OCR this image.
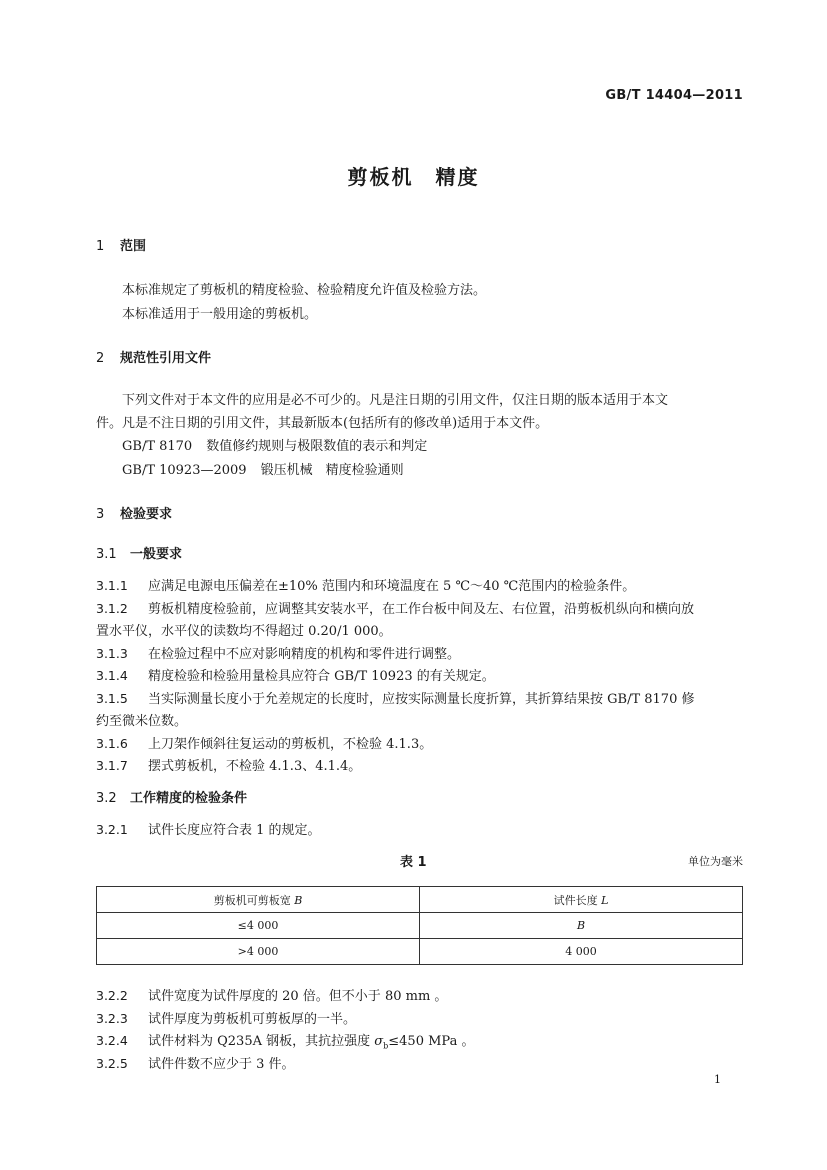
GB/T 14404—2011
剪板机　精度
1 范围
本标准规定了剪板机的精度检验、检验精度允许值及检验方法。
本标准适用于一般用途的剪板机。
2 规范性引用文件
下列文件对于本文件的应用是必不可少的。凡是注日期的引用文件，仅注日期的版本适用于本文
件。凡是不注日期的引用文件，其最新版本(包括所有的修改单)适用于本文件。
GB/T 8170 数值修约规则与极限数值的表示和判定
GB/T 10923—2009 锻压机械　精度检验通则
3 检验要求
3.1 一般要求
3.1.1 应满足电源电压偏差在±10% 范围内和环境温度在 5 ℃～40 ℃范围内的检验条件。
3.1.2 剪板机精度检验前，应调整其安装水平，在工作台板中间及左、右位置，沿剪板机纵向和横向放
置水平仪，水平仪的读数均不得超过 0.20/1 000。
3.1.3 在检验过程中不应对影响精度的机构和零件进行调整。
3.1.4 精度检验和检验用量检具应符合 GB/T 10923 的有关规定。
3.1.5 当实际测量长度小于允差规定的长度时，应按实际测量长度折算，其折算结果按 GB/T 8170 修
约至微米位数。
3.1.6 上刀架作倾斜往复运动的剪板机，不检验 4.1.3。
3.1.7 摆式剪板机，不检验 4.1.3、4.1.4。
3.2 工作精度的检验条件
3.2.1 试件长度应符合表 1 的规定。
表 1	单位为毫米
剪板机可剪板宽 B	试件长度 L
≤4 000	B
>4 000	4 000
3.2.2 试件宽度为试件厚度的 20 倍。但不小于 80 mm 。
3.2.3 试件厚度为剪板机可剪板厚的一半。
3.2.4 试件材料为 Q235A 钢板，其抗拉强度 $\sigma_b\le 450$ MPa 。
3.2.5 试件件数不应少于 3 件。
1
